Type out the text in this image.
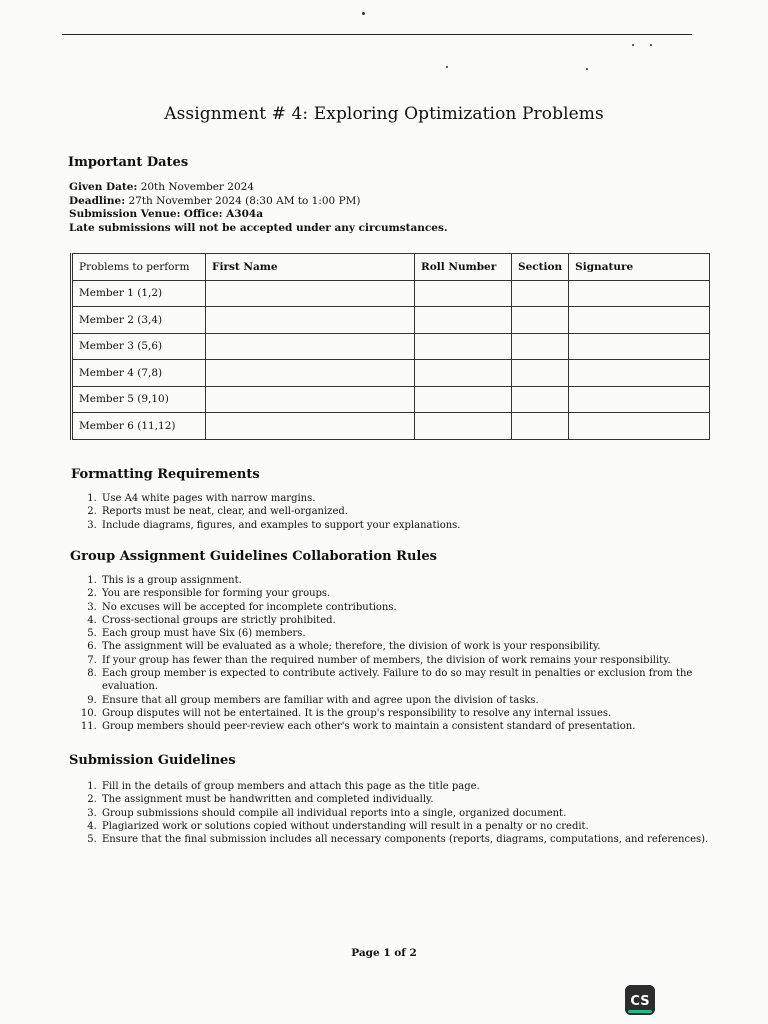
Assignment # 4: Exploring Optimization Problems
Important Dates
Given Date: 20th November 2024
Deadline: 27th November 2024 (8:30 AM to 1:00 PM)
Submission Venue: Office: A304a
Late submissions will not be accepted under any circumstances.
Problems to perform	First Name	Roll Number	Section	Signature
Member 1 (1,2)				
Member 2 (3,4)				
Member 3 (5,6)				
Member 4 (7,8)				
Member 5 (9,10)				
Member 6 (11,12)				
Formatting Requirements
1. Use A4 white pages with narrow margins.
2. Reports must be neat, clear, and well-organized.
3. Include diagrams, figures, and examples to support your explanations.
Group Assignment Guidelines Collaboration Rules
1. This is a group assignment.
2. You are responsible for forming your groups.
3. No excuses will be accepted for incomplete contributions.
4. Cross-sectional groups are strictly prohibited.
5. Each group must have Six (6) members.
6. The assignment will be evaluated as a whole; therefore, the division of work is your responsibility.
7. If your group has fewer than the required number of members, the division of work remains your responsibility.
8. Each group member is expected to contribute actively. Failure to do so may result in penalties or exclusion from the evaluation.
9. Ensure that all group members are familiar with and agree upon the division of tasks.
10. Group disputes will not be entertained. It is the group's responsibility to resolve any internal issues.
11. Group members should peer-review each other's work to maintain a consistent standard of presentation.
Submission Guidelines
1. Fill in the details of group members and attach this page as the title page.
2. The assignment must be handwritten and completed individually.
3. Group submissions should compile all individual reports into a single, organized document.
4. Plagiarized work or solutions copied without understanding will result in a penalty or no credit.
5. Ensure that the final submission includes all necessary components (reports, diagrams, computations, and references).
Page 1 of 2
CS
